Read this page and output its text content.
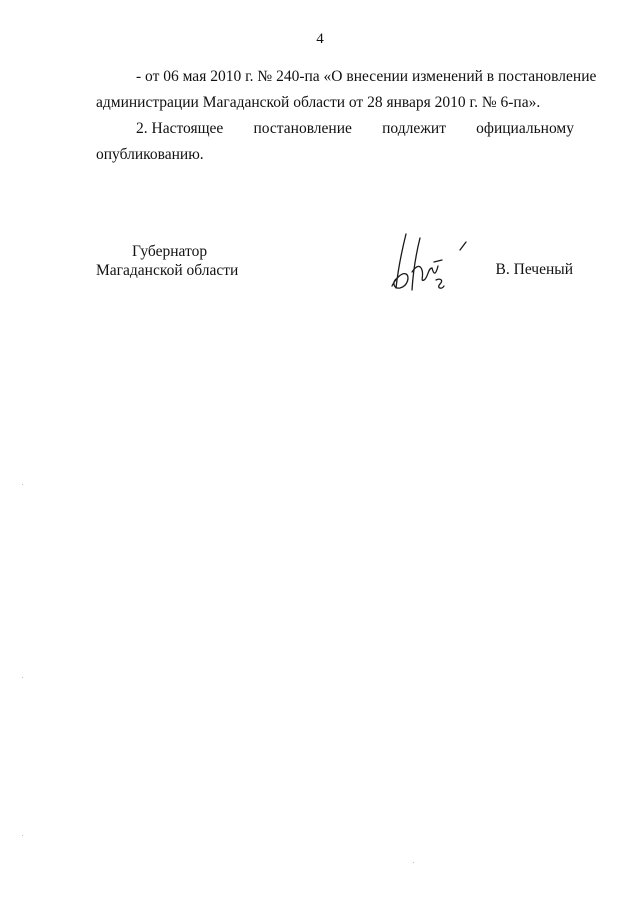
4
- от 06 мая 2010 г. № 240-па «О внесении изменений в постановление
администрации Магаданской области от 28 января 2010 г. № 6-па».
2. Настоящее постановление подлежит официальному
опубликованию.
Губернатор
Магаданской области	В. Печеный
